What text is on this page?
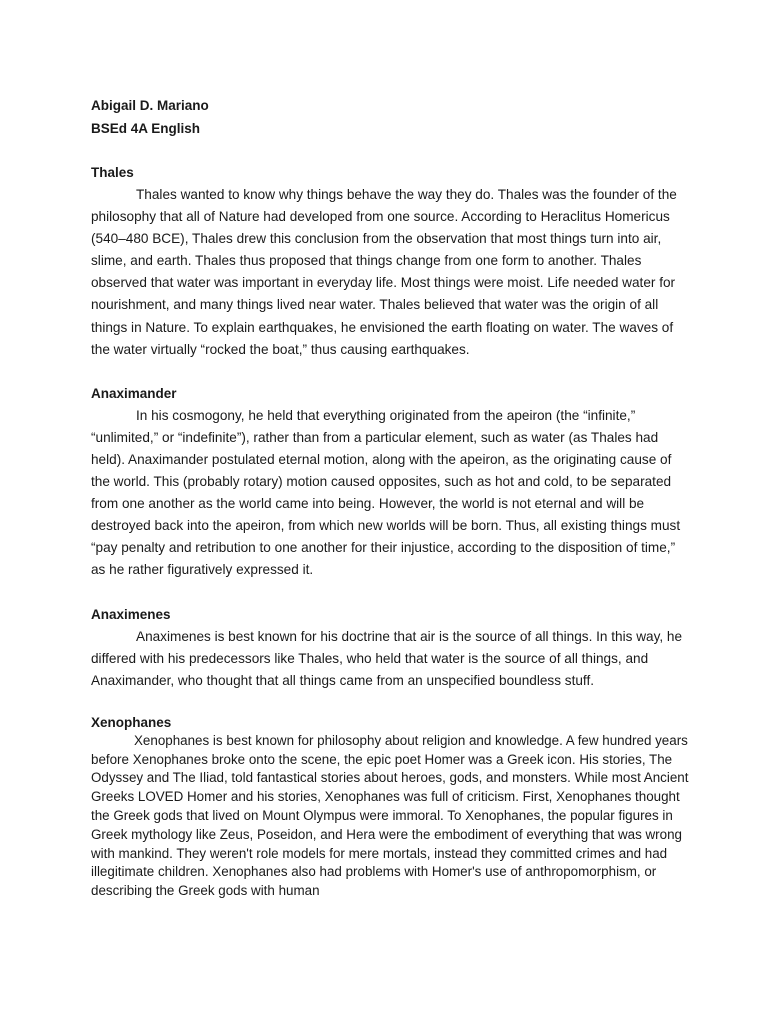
Abigail D. Mariano

BSEd 4A English

Thales

Thales wanted to know why things behave the way they do. Thales was the founder of the philosophy that all of Nature had developed from one source. According to Heraclitus Homericus (540–480 BCE), Thales drew this conclusion from the observation that most things turn into air, slime, and earth. Thales thus proposed that things change from one form to another. Thales observed that water was important in everyday life. Most things were moist. Life needed water for nourishment, and many things lived near water. Thales believed that water was the origin of all things in Nature. To explain earthquakes, he envisioned the earth floating on water. The waves of the water virtually “rocked the boat,” thus causing earthquakes.

Anaximander

In his cosmogony, he held that everything originated from the apeiron (the “infinite,” “unlimited,” or “indefinite”), rather than from a particular element, such as water (as Thales had held). Anaximander postulated eternal motion, along with the apeiron, as the originating cause of the world. This (probably rotary) motion caused opposites, such as hot and cold, to be separated from one another as the world came into being. However, the world is not eternal and will be destroyed back into the apeiron, from which new worlds will be born. Thus, all existing things must “pay penalty and retribution to one another for their injustice, according to the disposition of time,” as he rather figuratively expressed it.

Anaximenes

Anaximenes is best known for his doctrine that air is the source of all things. In this way, he differed with his predecessors like Thales, who held that water is the source of all things, and Anaximander, who thought that all things came from an unspecified boundless stuff.

Xenophanes

Xenophanes is best known for philosophy about religion and knowledge. A few hundred years before Xenophanes broke onto the scene, the epic poet Homer was a Greek icon. His stories, The Odyssey and The Iliad, told fantastical stories about heroes, gods, and monsters. While most Ancient Greeks LOVED Homer and his stories, Xenophanes was full of criticism. First, Xenophanes thought the Greek gods that lived on Mount Olympus were immoral. To Xenophanes, the popular figures in Greek mythology like Zeus, Poseidon, and Hera were the embodiment of everything that was wrong with mankind. They weren't role models for mere mortals, instead they committed crimes and had illegitimate children. Xenophanes also had problems with Homer's use of anthropomorphism, or describing the Greek gods with human
